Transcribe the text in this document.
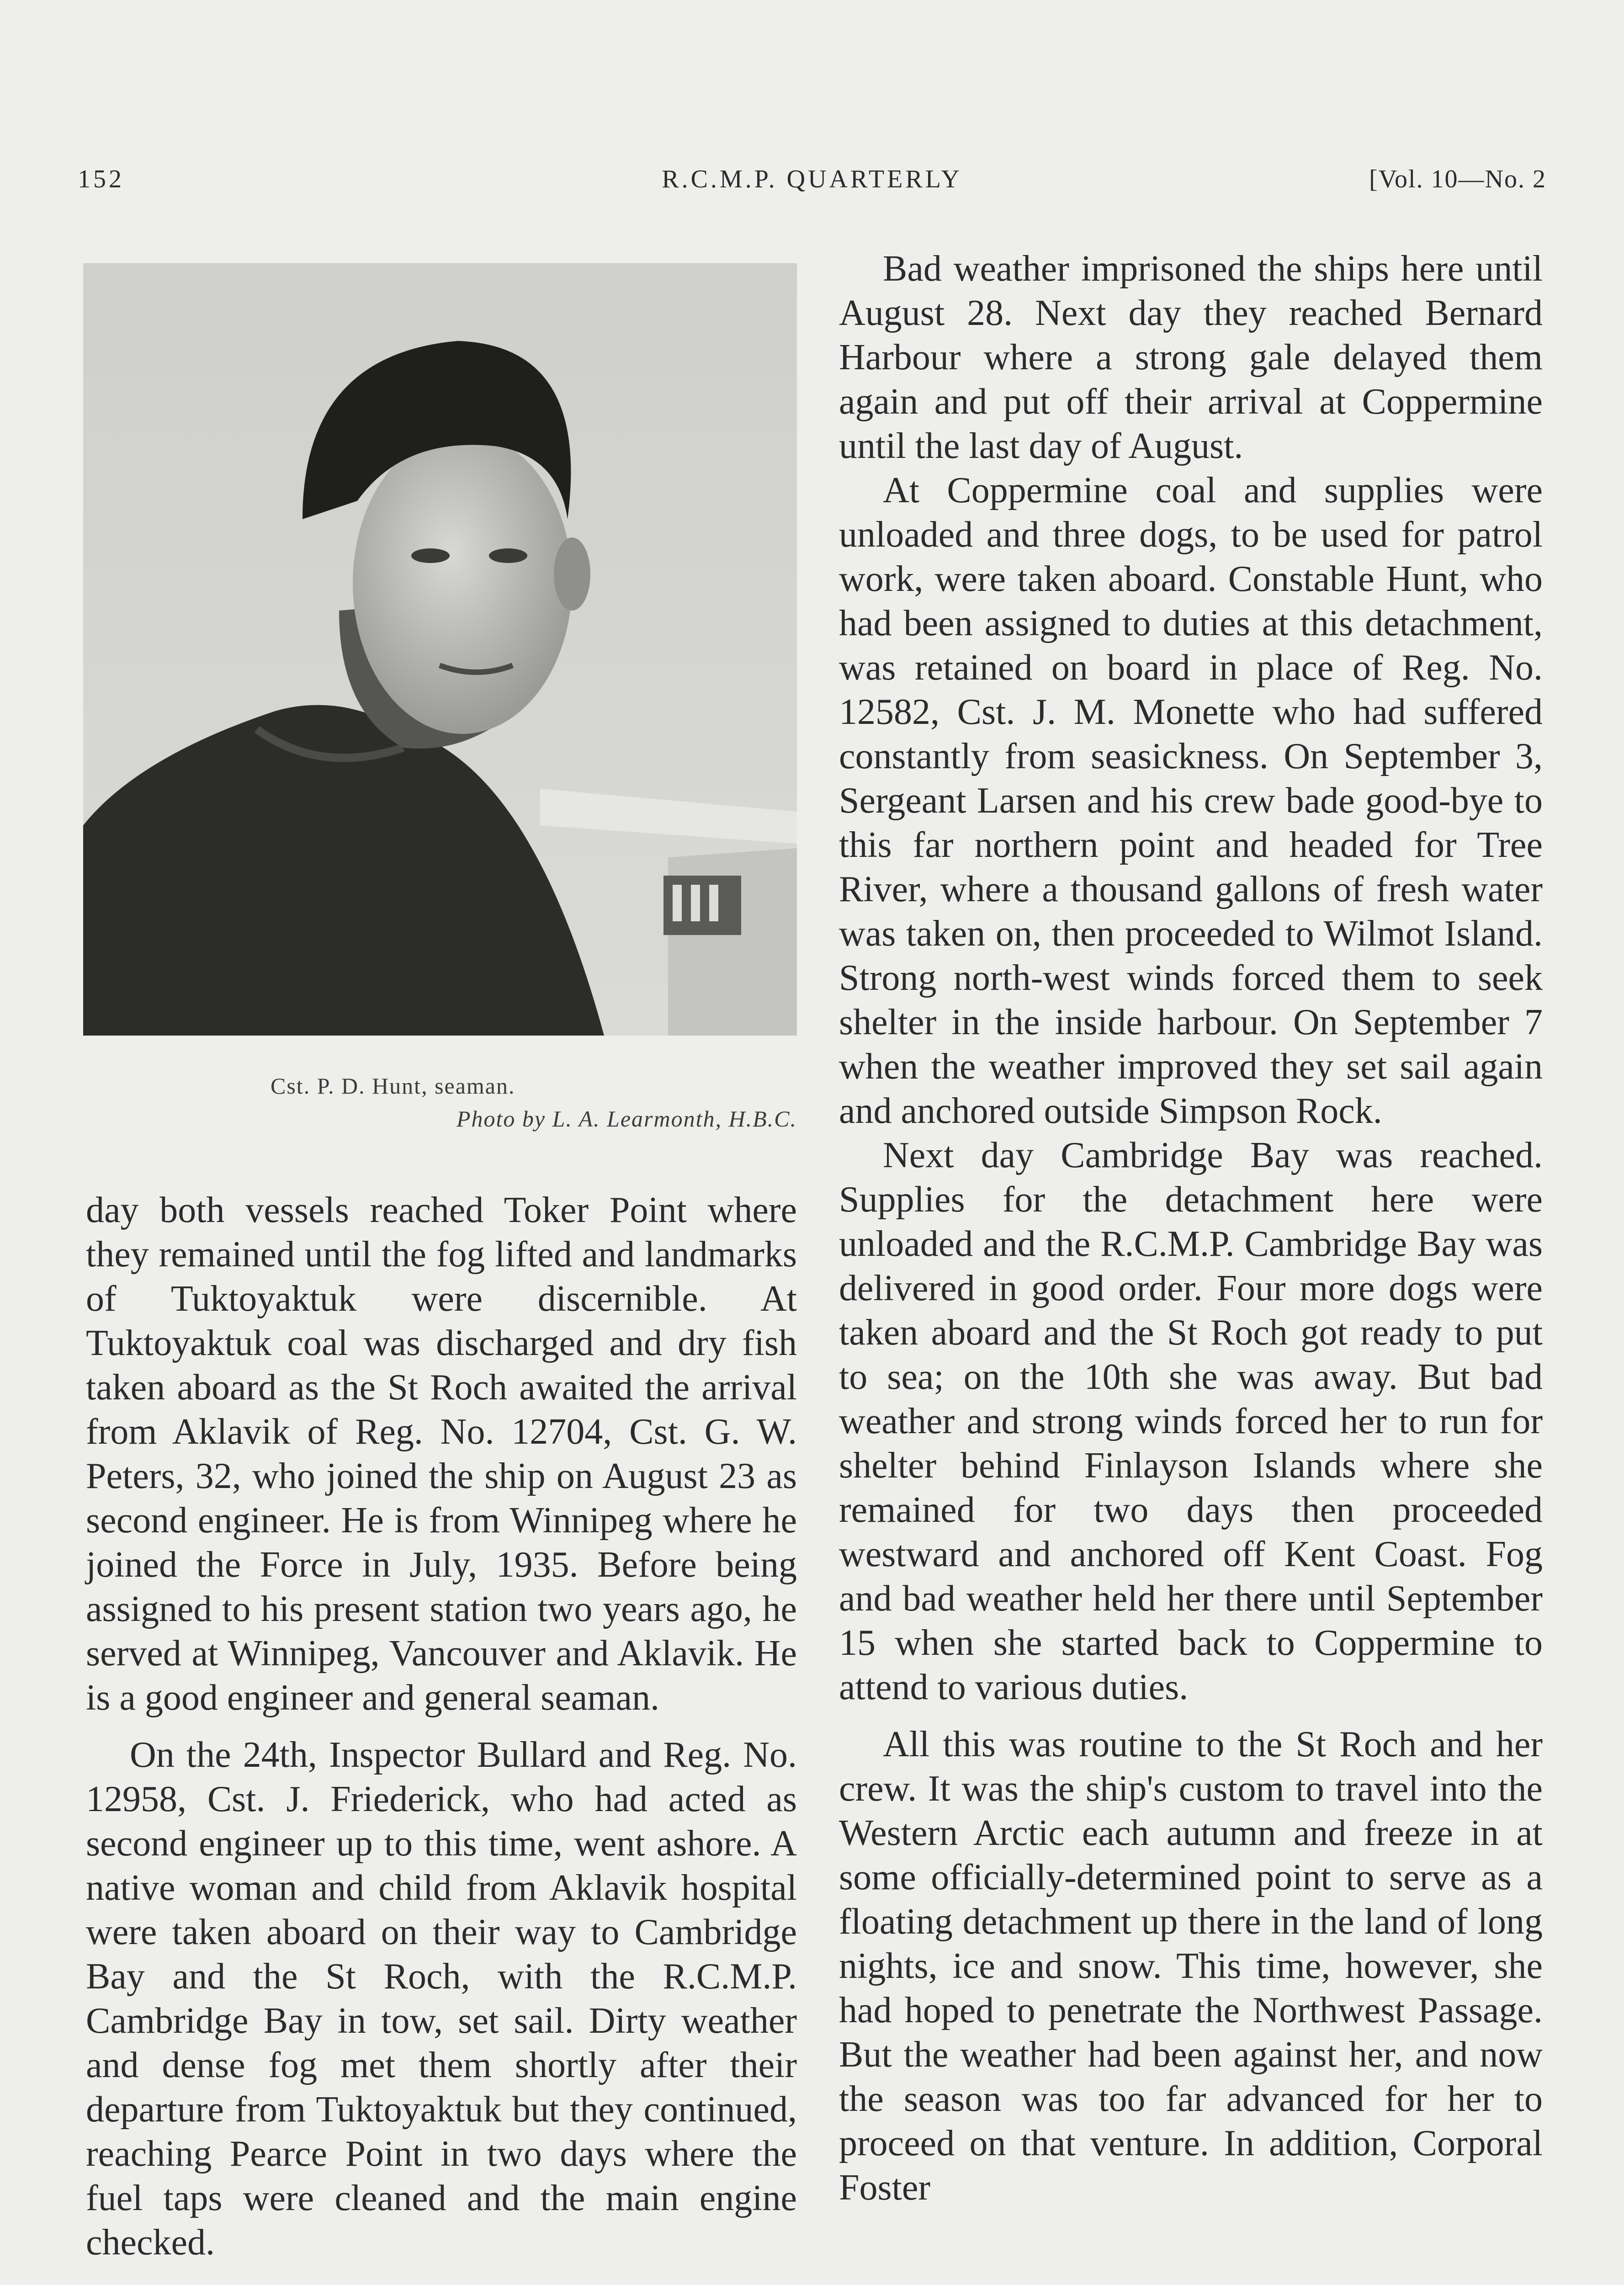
152	R.C.M.P. QUARTERLY	[Vol. 10—No. 2
Cst. P. D. Hunt, seaman.
Photo by L. A. Learmonth, H.B.C.

day both vessels reached Toker Point where they remained until the fog lifted and landmarks of Tuktoyaktuk were discernible. At Tuktoyaktuk coal was discharged and dry fish taken aboard as the St Roch awaited the arrival from Aklavik of Reg. No. 12704, Cst. G. W. Peters, 32, who joined the ship on August 23 as second engineer. He is from Winnipeg where he joined the Force in July, 1935. Before being assigned to his present station two years ago, he served at Winnipeg, Vancouver and Aklavik. He is a good engineer and general seaman.

On the 24th, Inspector Bullard and Reg. No. 12958, Cst. J. Friederick, who had acted as second engineer up to this time, went ashore. A native woman and child from Aklavik hospital were taken aboard on their way to Cambridge Bay and the St Roch, with the R.C.M.P. Cambridge Bay in tow, set sail. Dirty weather and dense fog met them shortly after their departure from Tuktoyaktuk but they continued, reaching Pearce Point in two days where the fuel taps were cleaned and the main engine checked.

Bad weather imprisoned the ships here until August 28. Next day they reached Bernard Harbour where a strong gale delayed them again and put off their arrival at Coppermine until the last day of August.

At Coppermine coal and supplies were unloaded and three dogs, to be used for patrol work, were taken aboard. Constable Hunt, who had been assigned to duties at this detachment, was retained on board in place of Reg. No. 12582, Cst. J. M. Monette who had suffered constantly from seasickness. On September 3, Sergeant Larsen and his crew bade good-bye to this far northern point and headed for Tree River, where a thousand gallons of fresh water was taken on, then proceeded to Wilmot Island. Strong north-west winds forced them to seek shelter in the inside harbour. On September 7 when the weather improved they set sail again and anchored outside Simpson Rock.

Next day Cambridge Bay was reached. Supplies for the detachment here were unloaded and the R.C.M.P. Cambridge Bay was delivered in good order. Four more dogs were taken aboard and the St Roch got ready to put to sea; on the 10th she was away. But bad weather and strong winds forced her to run for shelter behind Finlayson Islands where she remained for two days then proceeded westward and anchored off Kent Coast. Fog and bad weather held her there until September 15 when she started back to Coppermine to attend to various duties.

All this was routine to the St Roch and her crew. It was the ship's custom to travel into the Western Arctic each autumn and freeze in at some officially-determined point to serve as a floating detachment up there in the land of long nights, ice and snow. This time, however, she had hoped to penetrate the Northwest Passage. But the weather had been against her, and now the season was too far advanced for her to proceed on that venture. In addition, Corporal Foster
